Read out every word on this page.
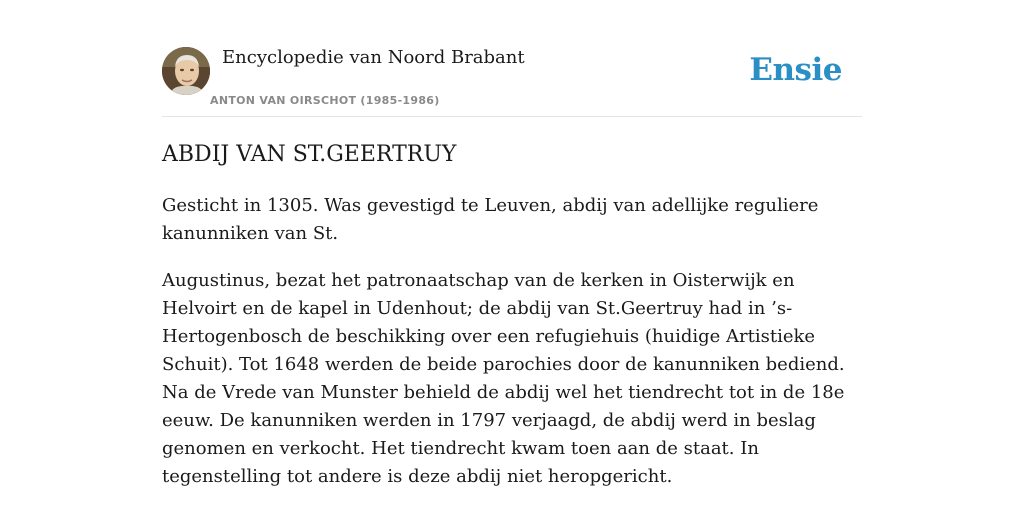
Encyclopedie van Noord Brabant
ANTON VAN OIRSCHOT (1985-1986)
Ensie
ABDIJ VAN ST.GEERTRUY

Gesticht in 1305. Was gevestigd te Leuven, abdij van adellijke reguliere kanunniken van St.

Augustinus, bezat het patronaatschap van de kerken in Oisterwijk en Helvoirt en de kapel in Udenhout; de abdij van St.Geertruy had in ’s-Hertogenbosch de beschikking over een refugiehuis (huidige Artistieke Schuit). Tot 1648 werden de beide parochies door de kanunniken bediend. Na de Vrede van Munster behield de abdij wel het tiendrecht tot in de 18e eeuw. De kanunniken werden in 1797 verjaagd, de abdij werd in beslag genomen en verkocht. Het tiendrecht kwam toen aan de staat. In tegenstelling tot andere is deze abdij niet heropgericht.
